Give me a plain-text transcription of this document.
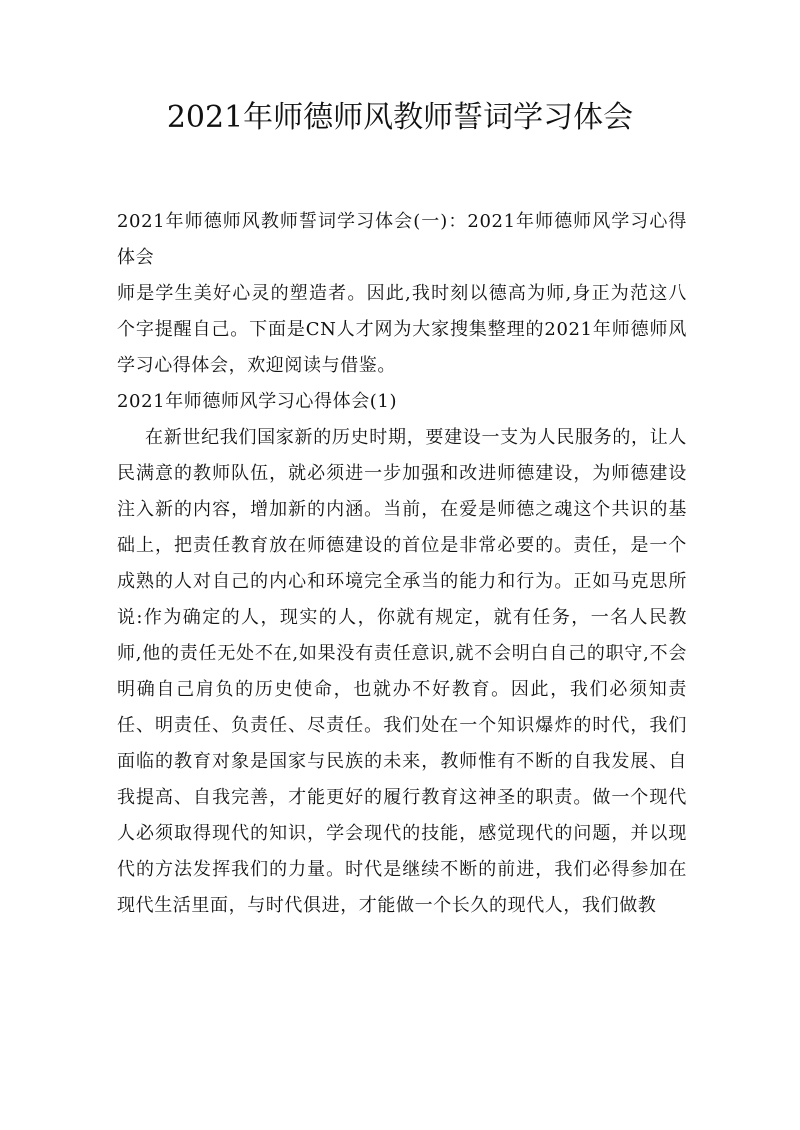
2021年师德师风教师誓词学习体会

2021年师德师风教师誓词学习体会(一)：2021年师德师风学习心得体会

师是学生美好心灵的塑造者。因此,我时刻以德高为师,身正为范这八个字提醒自己。下面是CN人才网为大家搜集整理的2021年师德师风学习心得体会，欢迎阅读与借鉴。

2021年师德师风学习心得体会(1)

在新世纪我们国家新的历史时期，要建设一支为人民服务的，让人民满意的教师队伍，就必须进一步加强和改进师德建设，为师德建设注入新的内容，增加新的内涵。当前，在爱是师德之魂这个共识的基础上，把责任教育放在师德建设的首位是非常必要的。责任，是一个成熟的人对自己的内心和环境完全承当的能力和行为。正如马克思所说:作为确定的人，现实的人，你就有规定，就有任务，一名人民教师,他的责任无处不在,如果没有责任意识,就不会明白自己的职守,不会明确自己肩负的历史使命，也就办不好教育。因此，我们必须知责任、明责任、负责任、尽责任。我们处在一个知识爆炸的时代，我们面临的教育对象是国家与民族的未来，教师惟有不断的自我发展、自我提高、自我完善，才能更好的履行教育这神圣的职责。做一个现代人必须取得现代的知识，学会现代的技能，感觉现代的问题，并以现代的方法发挥我们的力量。时代是继续不断的前进，我们必得参加在现代生活里面，与时代俱进，才能做一个长久的现代人，我们做教
